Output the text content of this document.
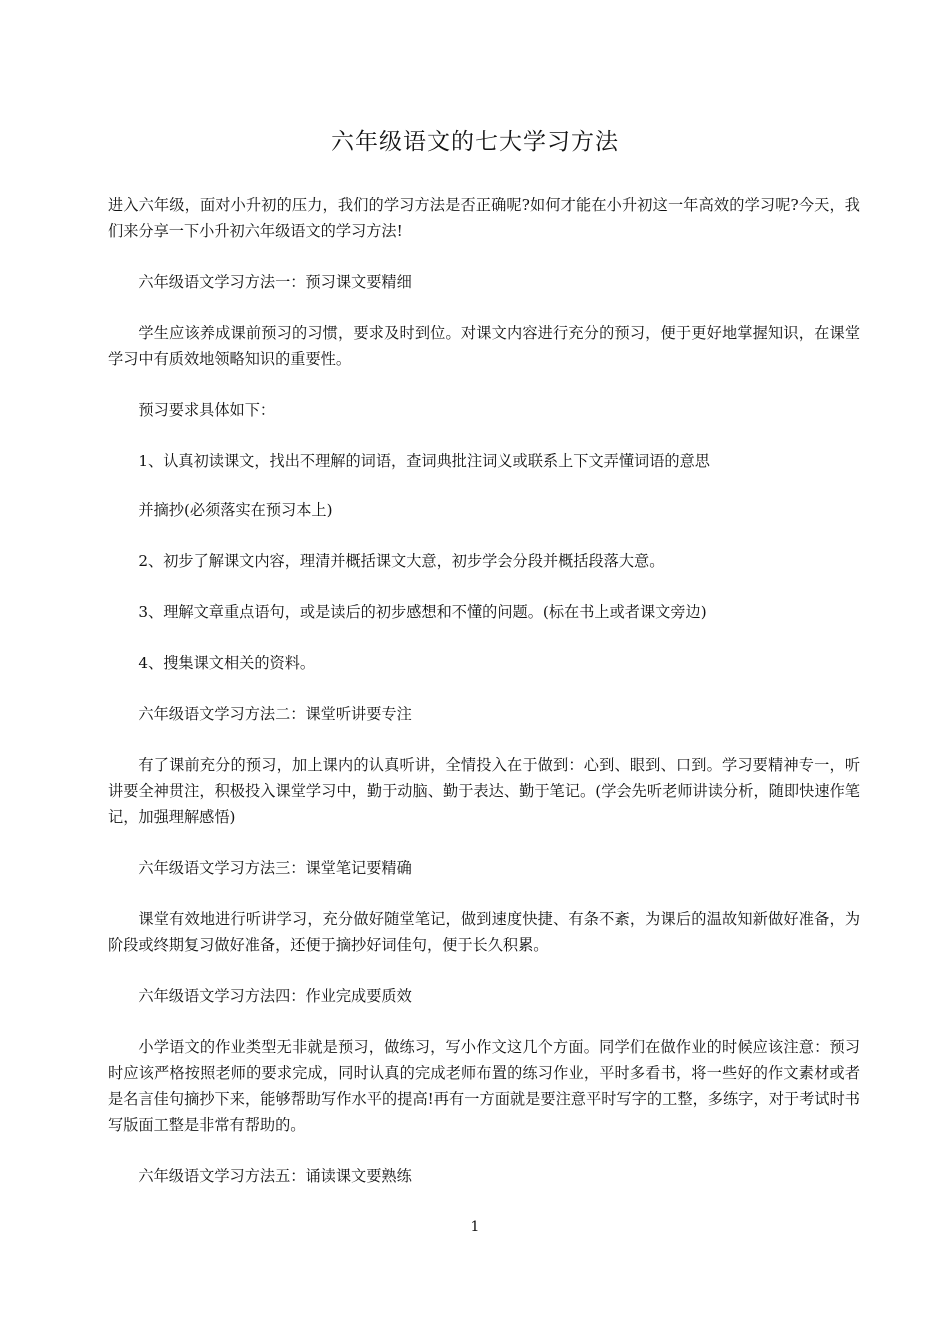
六年级语文的七大学习方法

进入六年级，面对小升初的压力，我们的学习方法是否正确呢?如何才能在小升初这一年高效的学习呢?今天，我们来分享一下小升初六年级语文的学习方法!

六年级语文学习方法一：预习课文要精细

学生应该养成课前预习的习惯，要求及时到位。对课文内容进行充分的预习，便于更好地掌握知识，在课堂学习中有质效地领略知识的重要性。

预习要求具体如下：

1、认真初读课文，找出不理解的词语，查词典批注词义或联系上下文弄懂词语的意思

并摘抄(必须落实在预习本上)

2、初步了解课文内容，理清并概括课文大意，初步学会分段并概括段落大意。

3、理解文章重点语句，或是读后的初步感想和不懂的问题。(标在书上或者课文旁边)

4、搜集课文相关的资料。

六年级语文学习方法二：课堂听讲要专注

有了课前充分的预习，加上课内的认真听讲，全情投入在于做到：心到、眼到、口到。学习要精神专一，听讲要全神贯注，积极投入课堂学习中，勤于动脑、勤于表达、勤于笔记。(学会先听老师讲读分析，随即快速作笔记，加强理解感悟)

六年级语文学习方法三：课堂笔记要精确

课堂有效地进行听讲学习，充分做好随堂笔记，做到速度快捷、有条不紊，为课后的温故知新做好准备，为阶段或终期复习做好准备，还便于摘抄好词佳句，便于长久积累。

六年级语文学习方法四：作业完成要质效

小学语文的作业类型无非就是预习，做练习，写小作文这几个方面。同学们在做作业的时候应该注意：预习时应该严格按照老师的要求完成，同时认真的完成老师布置的练习作业，平时多看书，将一些好的作文素材或者是名言佳句摘抄下来，能够帮助写作水平的提高!再有一方面就是要注意平时写字的工整，多练字，对于考试时书写版面工整是非常有帮助的。

六年级语文学习方法五：诵读课文要熟练

1
